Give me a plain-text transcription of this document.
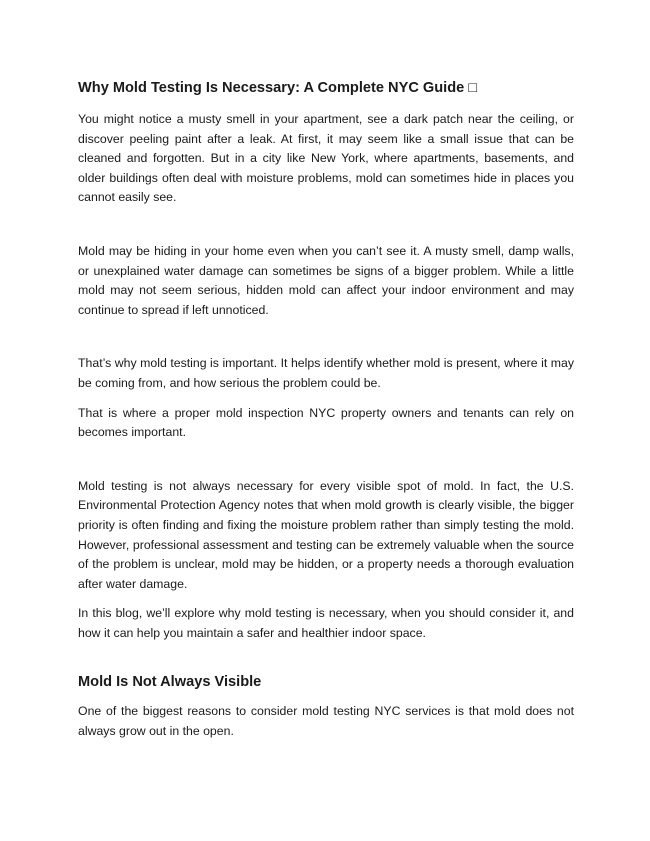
Why Mold Testing Is Necessary: A Complete NYC Guide □

You might notice a musty smell in your apartment, see a dark patch near the ceiling, or discover peeling paint after a leak. At first, it may seem like a small issue that can be cleaned and forgotten. But in a city like New York, where apartments, basements, and older buildings often deal with moisture problems, mold can sometimes hide in places you cannot easily see.

Mold may be hiding in your home even when you can’t see it. A musty smell, damp walls, or unexplained water damage can sometimes be signs of a bigger problem. While a little mold may not seem serious, hidden mold can affect your indoor environment and may continue to spread if left unnoticed.

That’s why mold testing is important. It helps identify whether mold is present, where it may be coming from, and how serious the problem could be.

That is where a proper mold inspection NYC property owners and tenants can rely on becomes important.

Mold testing is not always necessary for every visible spot of mold. In fact, the U.S. Environmental Protection Agency notes that when mold growth is clearly visible, the bigger priority is often finding and fixing the moisture problem rather than simply testing the mold. However, professional assessment and testing can be extremely valuable when the source of the problem is unclear, mold may be hidden, or a property needs a thorough evaluation after water damage.

In this blog, we’ll explore why mold testing is necessary, when you should consider it, and how it can help you maintain a safer and healthier indoor space.

Mold Is Not Always Visible

One of the biggest reasons to consider mold testing NYC services is that mold does not always grow out in the open.
